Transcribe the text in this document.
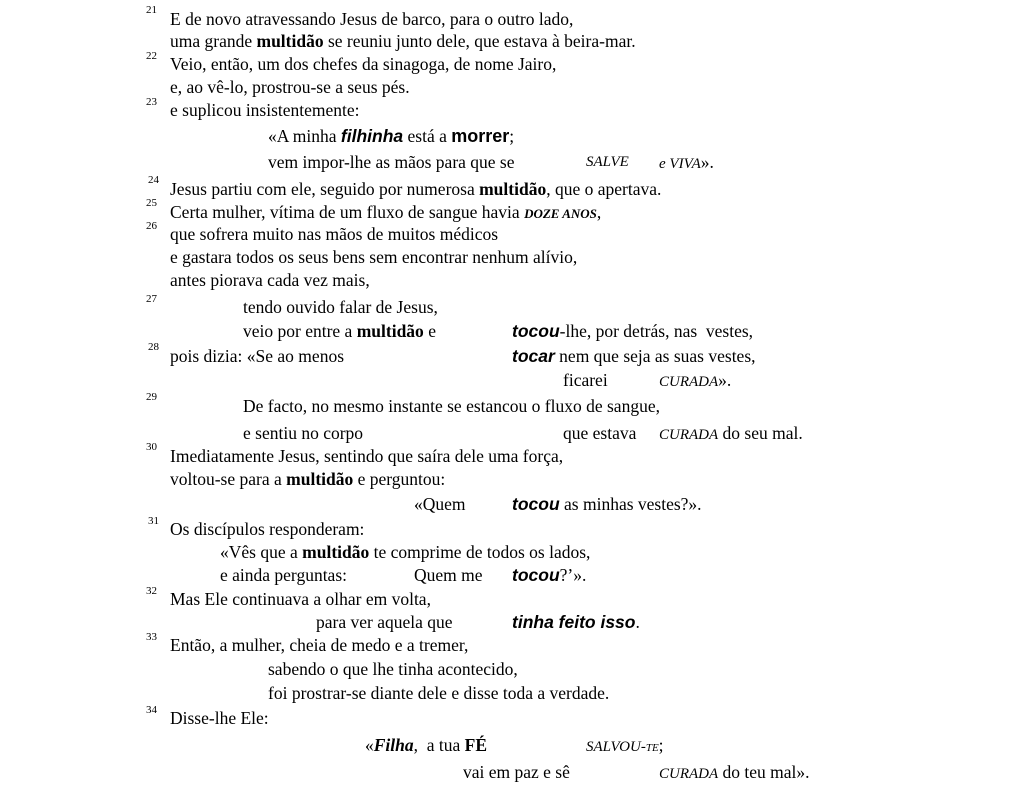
21 E de novo atravessando Jesus de barco, para o outro lado,
uma grande multidão se reuniu junto dele, que estava à beira-mar.
22 Veio, então, um dos chefes da sinagoga, de nome Jairo,
e, ao vê-lo, prostrou-se a seus pés.
23 e suplicou insistentemente:
«A minha filhinha está a morrer;
vem impor-lhe as mãos para que se	SALVE e VIVA».
24 Jesus partiu com ele, seguido por numerosa multidão, que o apertava.
25 Certa mulher, vítima de um fluxo de sangue havia DOZE ANOS,
26 que sofrera muito nas mãos de muitos médicos
e gastara todos os seus bens sem encontrar nenhum alívio,
antes piorava cada vez mais,
27	tendo ouvido falar de Jesus,
veio por entre a multidão e	tocou-lhe, por detrás, nas  vestes,
28 pois dizia: «Se ao menos	tocar nem que seja as suas vestes,
ficarei	CURADA».
29	De facto, no mesmo instante se estancou o fluxo de sangue,
e sentiu no corpo	que estava CURADA do seu mal.
30 Imediatamente Jesus, sentindo que saíra dele uma força,
voltou-se para a multidão e perguntou:
«Quem	tocou as minhas vestes?».
31 Os discípulos responderam:
«Vês que a multidão te comprime de todos os lados,
e ainda perguntas:	Quem me tocou?’».
32 Mas Ele continuava a olhar em volta,
para ver aquela que	tinha feito isso.
33 Então, a mulher, cheia de medo e a tremer,
sabendo o que lhe tinha acontecido,
foi prostrar-se diante dele e disse toda a verdade.
34 Disse-lhe Ele:
«Filha,  a tua FÉ	SALVOU-TE;
vai em paz e sê	CURADA do teu mal».
